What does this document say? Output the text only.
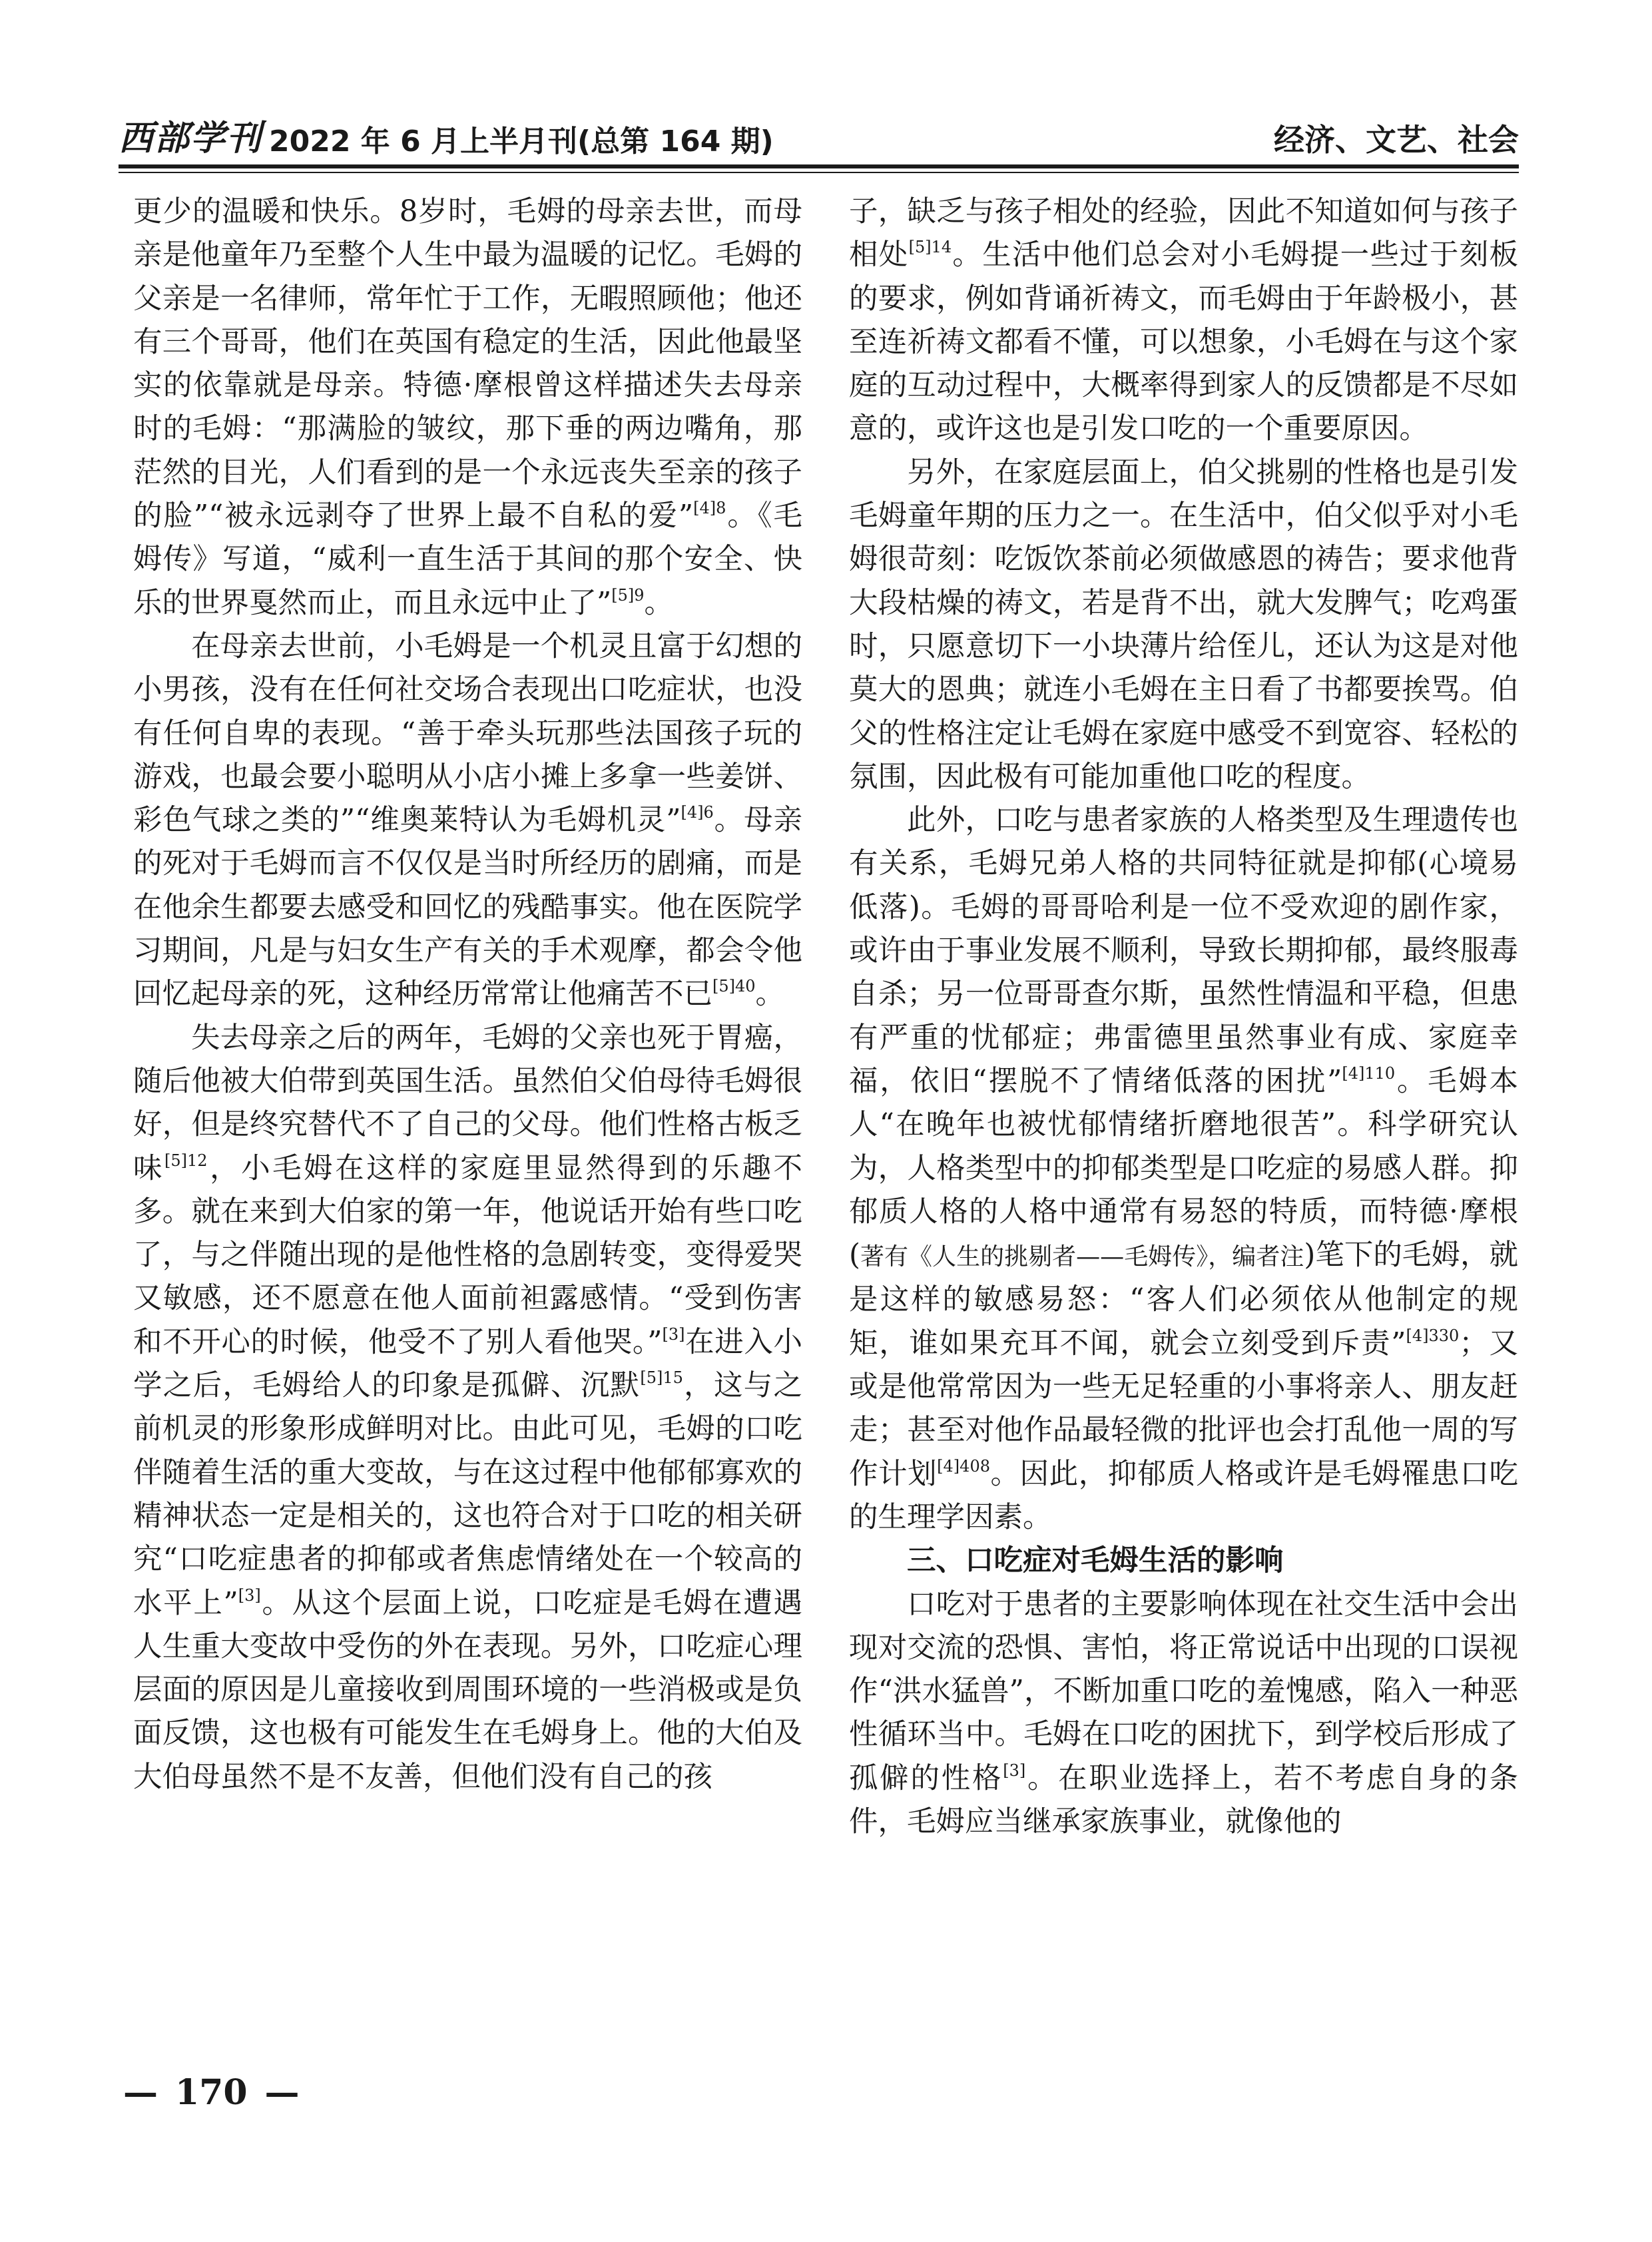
西部学刊 2022 年 6 月上半月刊(总第 164 期)	经济、文艺、社会

更少的温暖和快乐。8岁时，毛姆的母亲去世，而母亲是他童年乃至整个人生中最为温暖的记忆。毛姆的父亲是一名律师，常年忙于工作，无暇照顾他；他还有三个哥哥，他们在英国有稳定的生活，因此他最坚实的依靠就是母亲。特德·摩根曾这样描述失去母亲时的毛姆：“那满脸的皱纹，那下垂的两边嘴角，那茫然的目光，人们看到的是一个永远丧失至亲的孩子的脸”“被永远剥夺了世界上最不自私的爱”$^{[4]8}$。《毛姆传》写道，“威利一直生活于其间的那个安全、快乐的世界戛然而止，而且永远中止了”$^{[5]9}$。

在母亲去世前，小毛姆是一个机灵且富于幻想的小男孩，没有在任何社交场合表现出口吃症状，也没有任何自卑的表现。“善于牵头玩那些法国孩子玩的游戏，也最会要小聪明从小店小摊上多拿一些姜饼、彩色气球之类的”“维奥莱特认为毛姆机灵”$^{[4]6}$。母亲的死对于毛姆而言不仅仅是当时所经历的剧痛，而是在他余生都要去感受和回忆的残酷事实。他在医院学习期间，凡是与妇女生产有关的手术观摩，都会令他回忆起母亲的死，这种经历常常让他痛苦不已$^{[5]40}$。

失去母亲之后的两年，毛姆的父亲也死于胃癌，随后他被大伯带到英国生活。虽然伯父伯母待毛姆很好，但是终究替代不了自己的父母。他们性格古板乏味$^{[5]12}$，小毛姆在这样的家庭里显然得到的乐趣不多。就在来到大伯家的第一年，他说话开始有些口吃了，与之伴随出现的是他性格的急剧转变，变得爱哭又敏感，还不愿意在他人面前袒露感情。“受到伤害和不开心的时候，他受不了别人看他哭。”[3]在进入小学之后，毛姆给人的印象是孤僻、沉默$^{[5]15}$，这与之前机灵的形象形成鲜明对比。由此可见，毛姆的口吃伴随着生活的重大变故，与在这过程中他郁郁寡欢的精神状态一定是相关的，这也符合对于口吃的相关研究“口吃症患者的抑郁或者焦虑情绪处在一个较高的水平上”[3]。从这个层面上说，口吃症是毛姆在遭遇人生重大变故中受伤的外在表现。另外，口吃症心理层面的原因是儿童接收到周围环境的一些消极或是负面反馈，这也极有可能发生在毛姆身上。他的大伯及大伯母虽然不是不友善，但他们没有自己的孩

子，缺乏与孩子相处的经验，因此不知道如何与孩子相处$^{[5]14}$。生活中他们总会对小毛姆提一些过于刻板的要求，例如背诵祈祷文，而毛姆由于年龄极小，甚至连祈祷文都看不懂，可以想象，小毛姆在与这个家庭的互动过程中，大概率得到家人的反馈都是不尽如意的，或许这也是引发口吃的一个重要原因。

另外，在家庭层面上，伯父挑剔的性格也是引发毛姆童年期的压力之一。在生活中，伯父似乎对小毛姆很苛刻：吃饭饮茶前必须做感恩的祷告；要求他背大段枯燥的祷文，若是背不出，就大发脾气；吃鸡蛋时，只愿意切下一小块薄片给侄儿，还认为这是对他莫大的恩典；就连小毛姆在主日看了书都要挨骂。伯父的性格注定让毛姆在家庭中感受不到宽容、轻松的氛围，因此极有可能加重他口吃的程度。

此外，口吃与患者家族的人格类型及生理遗传也有关系，毛姆兄弟人格的共同特征就是抑郁(心境易低落)。毛姆的哥哥哈利是一位不受欢迎的剧作家，或许由于事业发展不顺利，导致长期抑郁，最终服毒自杀；另一位哥哥查尔斯，虽然性情温和平稳，但患有严重的忧郁症；弗雷德里虽然事业有成、家庭幸福，依旧“摆脱不了情绪低落的困扰”$^{[4]110}$。毛姆本人“在晚年也被忧郁情绪折磨地很苦”。科学研究认为，人格类型中的抑郁类型是口吃症的易感人群。抑郁质人格的人格中通常有易怒的特质，而特德·摩根(著有《人生的挑剔者——毛姆传》，编者注)笔下的毛姆，就是这样的敏感易怒：“客人们必须依从他制定的规矩，谁如果充耳不闻，就会立刻受到斥责”$^{[4]330}$；又或是他常常因为一些无足轻重的小事将亲人、朋友赶走；甚至对他作品最轻微的批评也会打乱他一周的写作计划$^{[4]408}$。因此，抑郁质人格或许是毛姆罹患口吃的生理学因素。

三、口吃症对毛姆生活的影响

口吃对于患者的主要影响体现在社交生活中会出现对交流的恐惧、害怕，将正常说话中出现的口误视作“洪水猛兽”，不断加重口吃的羞愧感，陷入一种恶性循环当中。毛姆在口吃的困扰下，到学校后形成了孤僻的性格[3]。在职业选择上，若不考虑自身的条件，毛姆应当继承家族事业，就像他的

— 170 —
